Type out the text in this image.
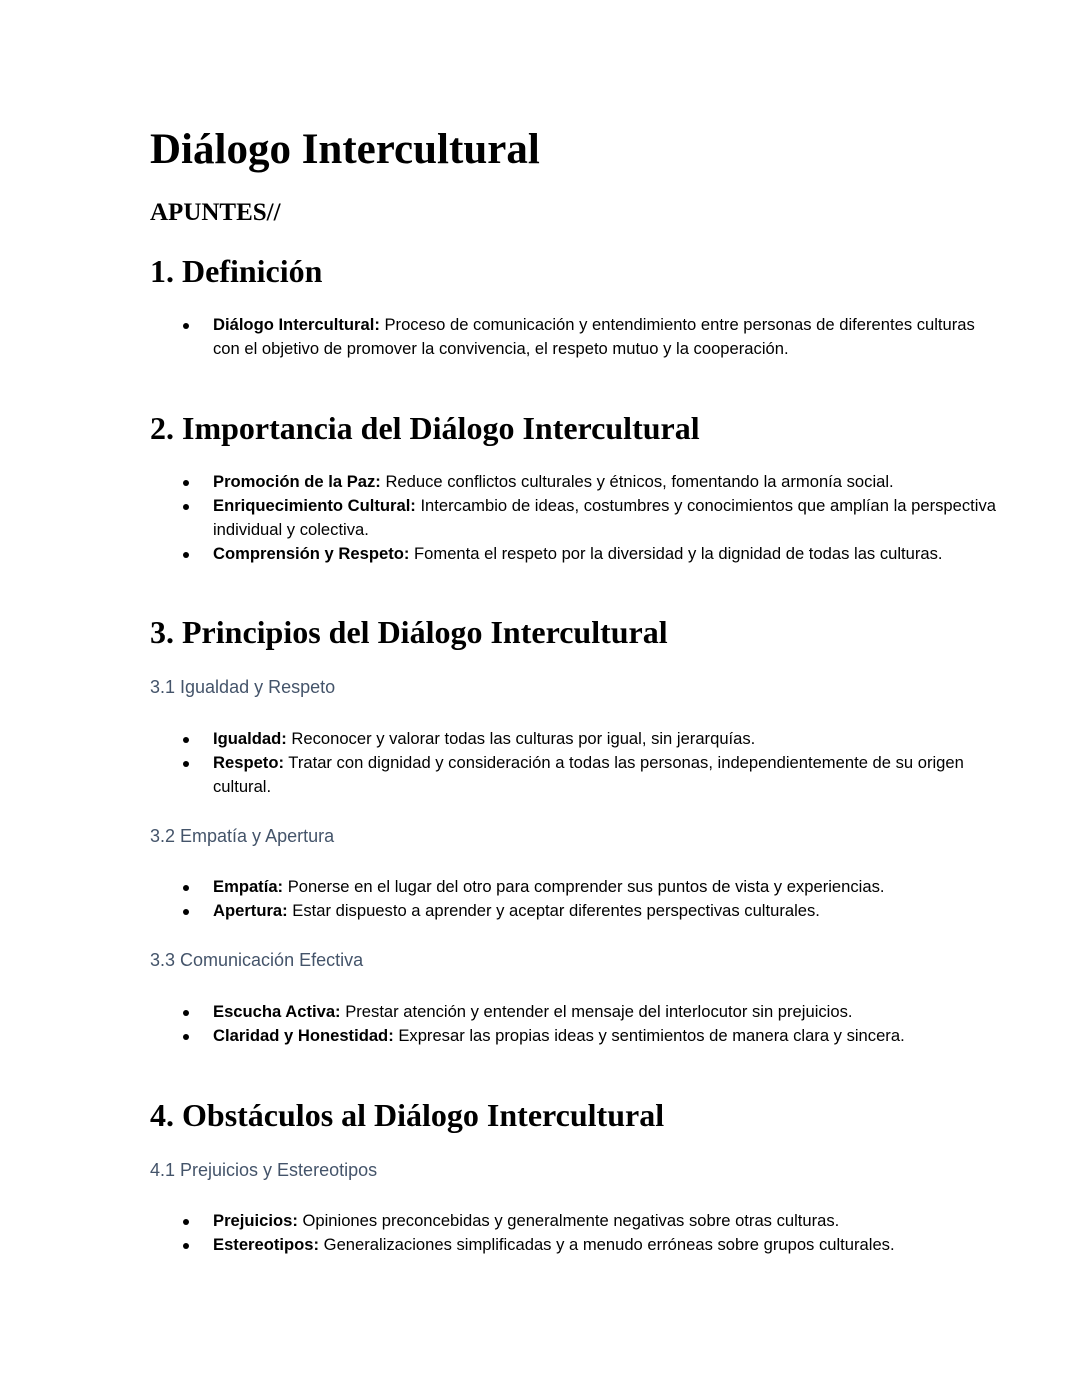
Diálogo Intercultural
APUNTES//
1. Definición
Diálogo Intercultural: Proceso de comunicación y entendimiento entre personas de diferentes culturas con el objetivo de promover la convivencia, el respeto mutuo y la cooperación.
2. Importancia del Diálogo Intercultural
Promoción de la Paz: Reduce conflictos culturales y étnicos, fomentando la armonía social.
Enriquecimiento Cultural: Intercambio de ideas, costumbres y conocimientos que amplían la perspectiva individual y colectiva.
Comprensión y Respeto: Fomenta el respeto por la diversidad y la dignidad de todas las culturas.
3. Principios del Diálogo Intercultural
3.1 Igualdad y Respeto
Igualdad: Reconocer y valorar todas las culturas por igual, sin jerarquías.
Respeto: Tratar con dignidad y consideración a todas las personas, independientemente de su origen cultural.
3.2 Empatía y Apertura
Empatía: Ponerse en el lugar del otro para comprender sus puntos de vista y experiencias.
Apertura: Estar dispuesto a aprender y aceptar diferentes perspectivas culturales.
3.3 Comunicación Efectiva
Escucha Activa: Prestar atención y entender el mensaje del interlocutor sin prejuicios.
Claridad y Honestidad: Expresar las propias ideas y sentimientos de manera clara y sincera.
4. Obstáculos al Diálogo Intercultural
4.1 Prejuicios y Estereotipos
Prejuicios: Opiniones preconcebidas y generalmente negativas sobre otras culturas.
Estereotipos: Generalizaciones simplificadas y a menudo erróneas sobre grupos culturales.
